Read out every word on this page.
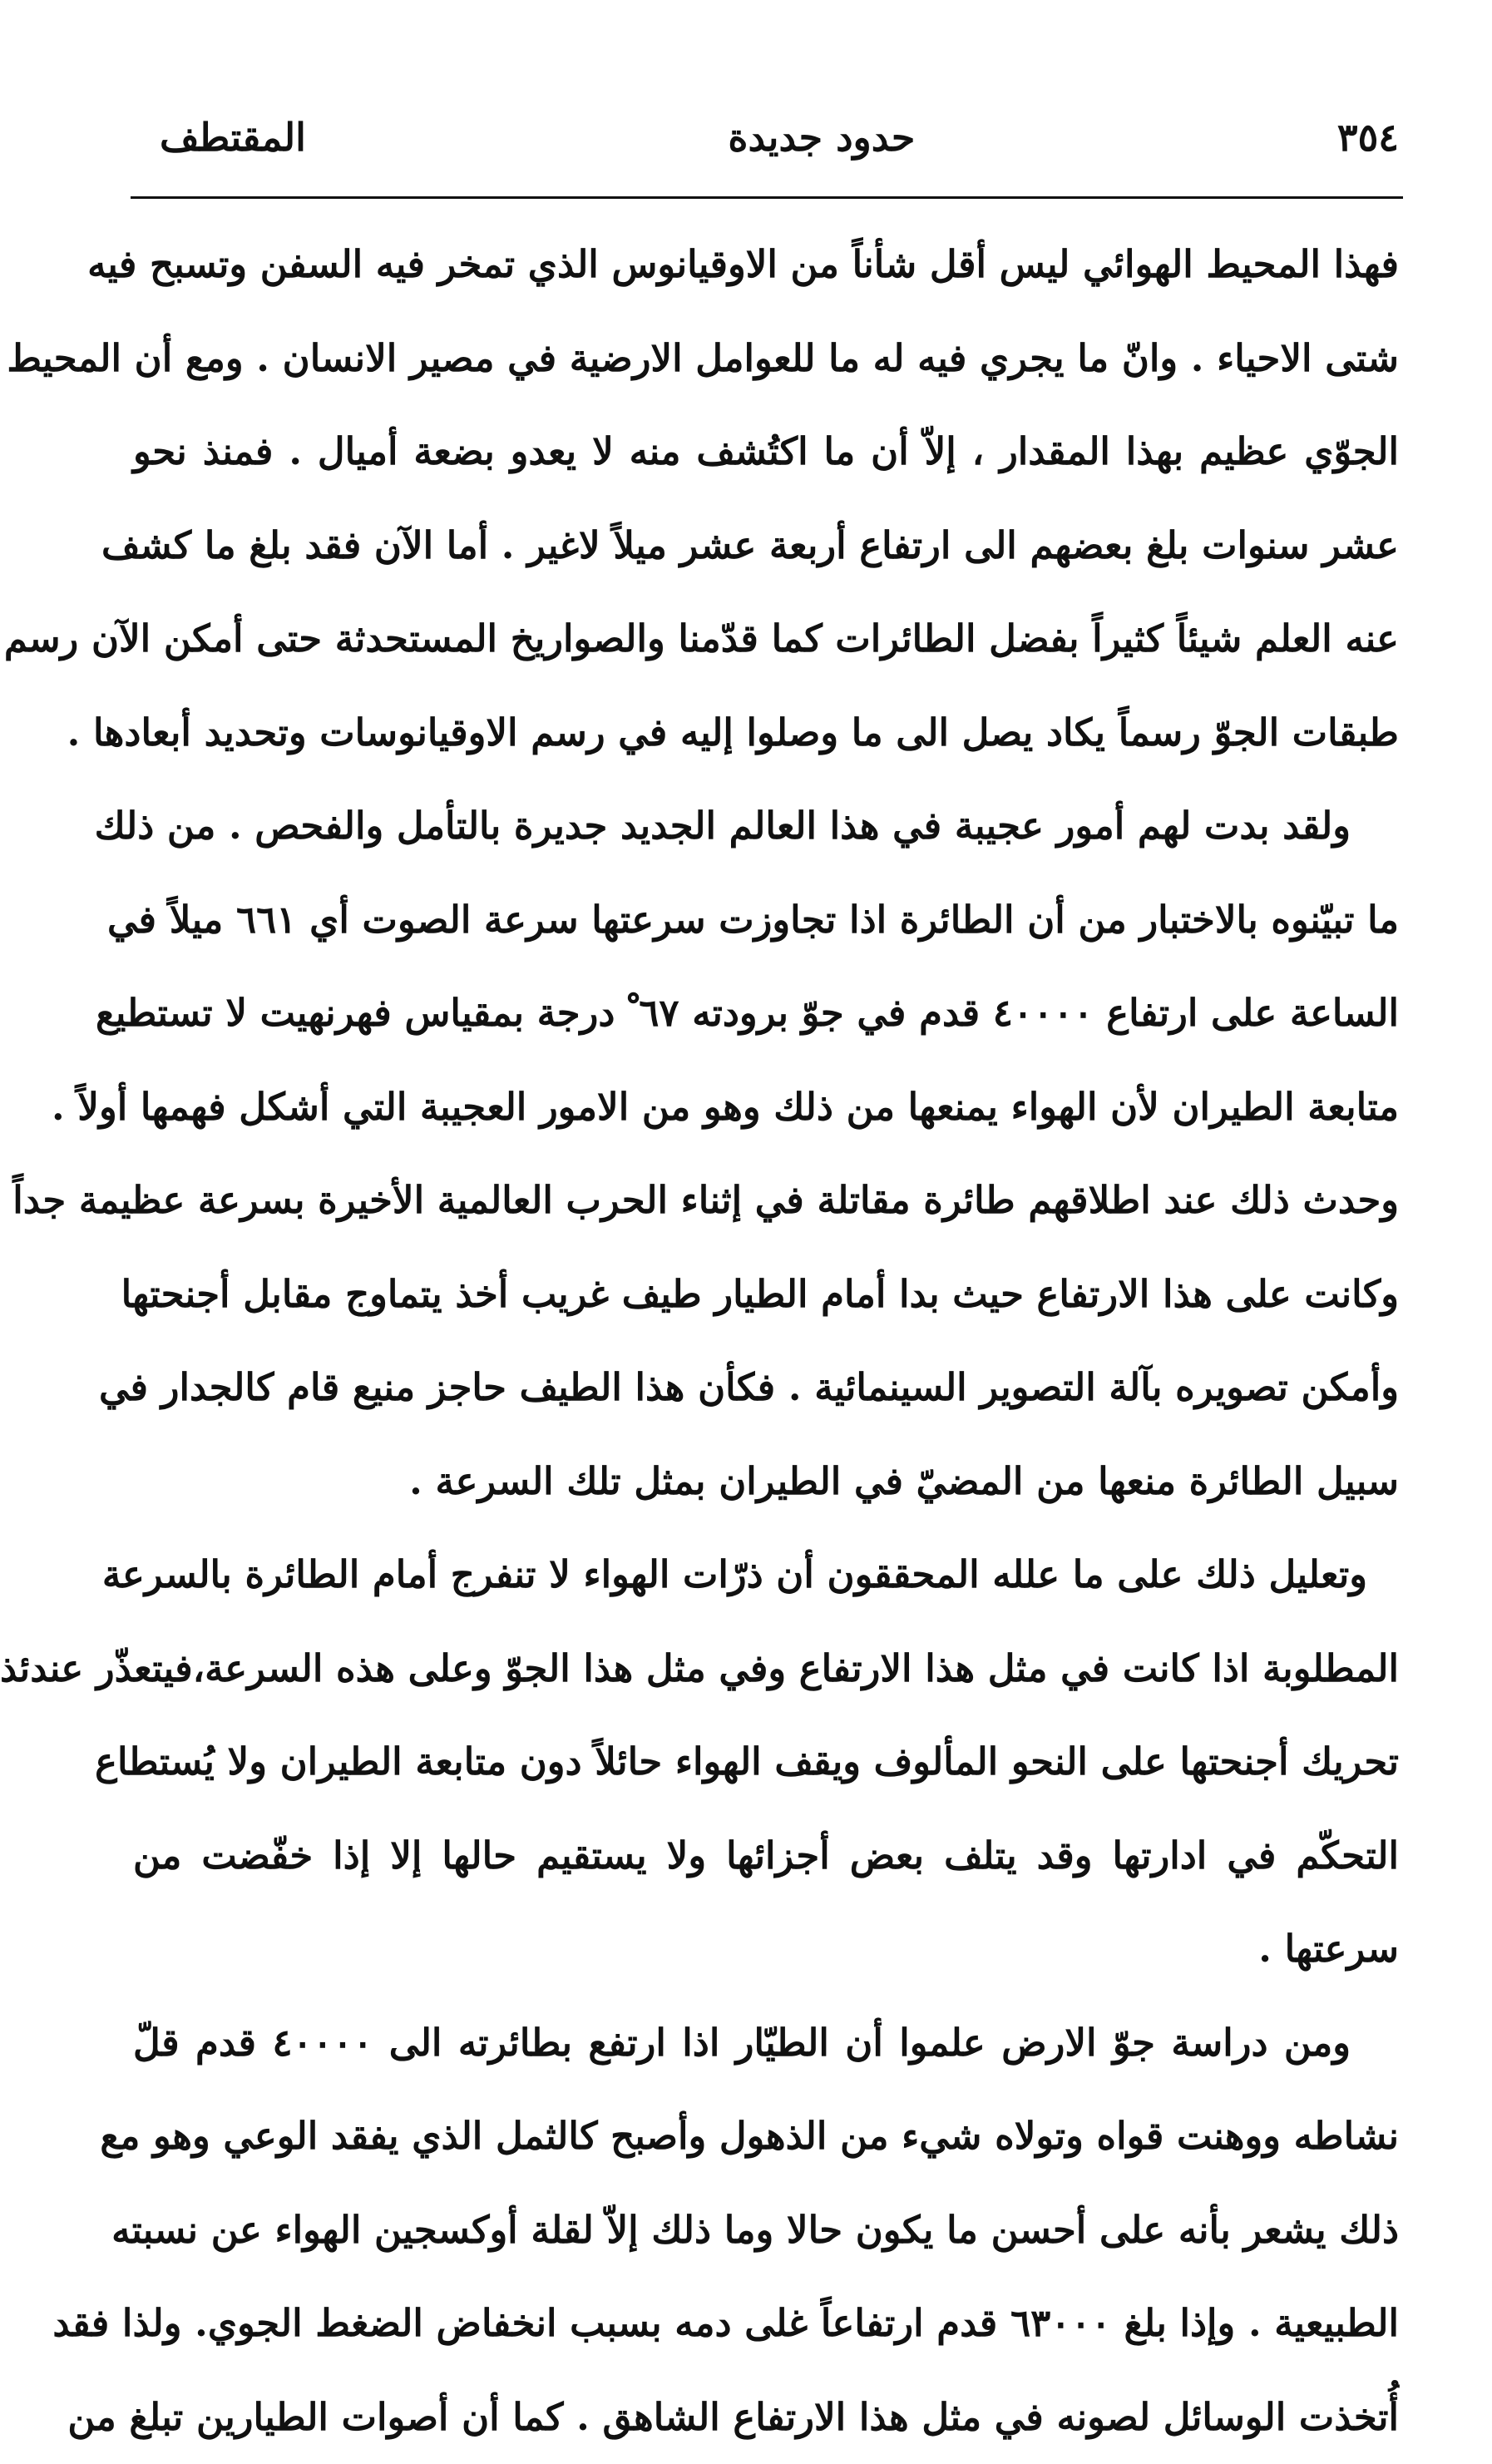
٣٥٤
حدود جديدة
المقتطف
فهذا المحيط الهوائي ليس أقل شأناً من الاوقيانوس الذي تمخر فيه السفن وتسبح فيه
شتى الاحياء . وانّ ما يجري فيه له ما للعوامل الارضية في مصير الانسان . ومع أن المحيط
الجوّي عظيم بهذا المقدار ، إلاّ أن ما اكتُشف منه لا يعدو بضعة أميال . فمنذ نحو
عشر سنوات بلغ بعضهم الى ارتفاع أربعة عشر ميلاً لاغير . أما الآن فقد بلغ ما كشف
عنه العلم شيئاً كثيراً بفضل الطائرات كما قدّمنا والصواريخ المستحدثة حتى أمكن الآن رسم
طبقات الجوّ رسماً يكاد يصل الى ما وصلوا إليه في رسم الاوقيانوسات وتحديد أبعادها .
ولقد بدت لهم أمور عجيبة في هذا العالم الجديد جديرة بالتأمل والفحص . من ذلك
ما تبيّنوه بالاختبار من أن الطائرة اذا تجاوزت سرعتها سرعة الصوت أي ٦٦١ ميلاً في
الساعة على ارتفاع ٤٠٠٠٠ قدم في جوّ برودته ٦٧ ْ درجة بمقياس فهرنهيت لا تستطيع
متابعة الطيران لأن الهواء يمنعها من ذلك وهو من الامور العجيبة التي أشكل فهمها أولاً .
وحدث ذلك عند اطلاقهم طائرة مقاتلة في إثناء الحرب العالمية الأخيرة بسرعة عظيمة جداً
وكانت على هذا الارتفاع حيث بدا أمام الطيار طيف غريب أخذ يتماوج مقابل أجنحتها
وأمكن تصويره بآلة التصوير السينمائية . فكأن هذا الطيف حاجز منيع قام كالجدار في
سبيل الطائرة منعها من المضيّ في الطيران بمثل تلك السرعة .
وتعليل ذلك على ما علله المحققون أن ذرّات الهواء لا تنفرج أمام الطائرة بالسرعة
المطلوبة اذا كانت في مثل هذا الارتفاع وفي مثل هذا الجوّ وعلى هذه السرعة،فيتعذّر عندئذ
تحريك أجنحتها على النحو المألوف ويقف الهواء حائلاً دون متابعة الطيران ولا يُستطاع
التحكّم في ادارتها وقد يتلف بعض أجزائها ولا يستقيم حالها إلا إذا خفّضت من
سرعتها .
ومن دراسة جوّ الارض علموا أن الطيّار اذا ارتفع بطائرته الى ٤٠٠٠٠ قدم قلّ
نشاطه ووهنت قواه وتولاه شيء من الذهول وأصبح كالثمل الذي يفقد الوعي وهو مع
ذلك يشعر بأنه على أحسن ما يكون حالا وما ذلك إلاّ لقلة أوكسجين الهواء عن نسبته
الطبيعية . وإذا بلغ ٦٣٠٠٠ قدم ارتفاعاً غلى دمه بسبب انخفاض الضغط الجوي. ولذا فقد
أُتخذت الوسائل لصونه في مثل هذا الارتفاع الشاهق . كما أن أصوات الطيارين تبلغ من
